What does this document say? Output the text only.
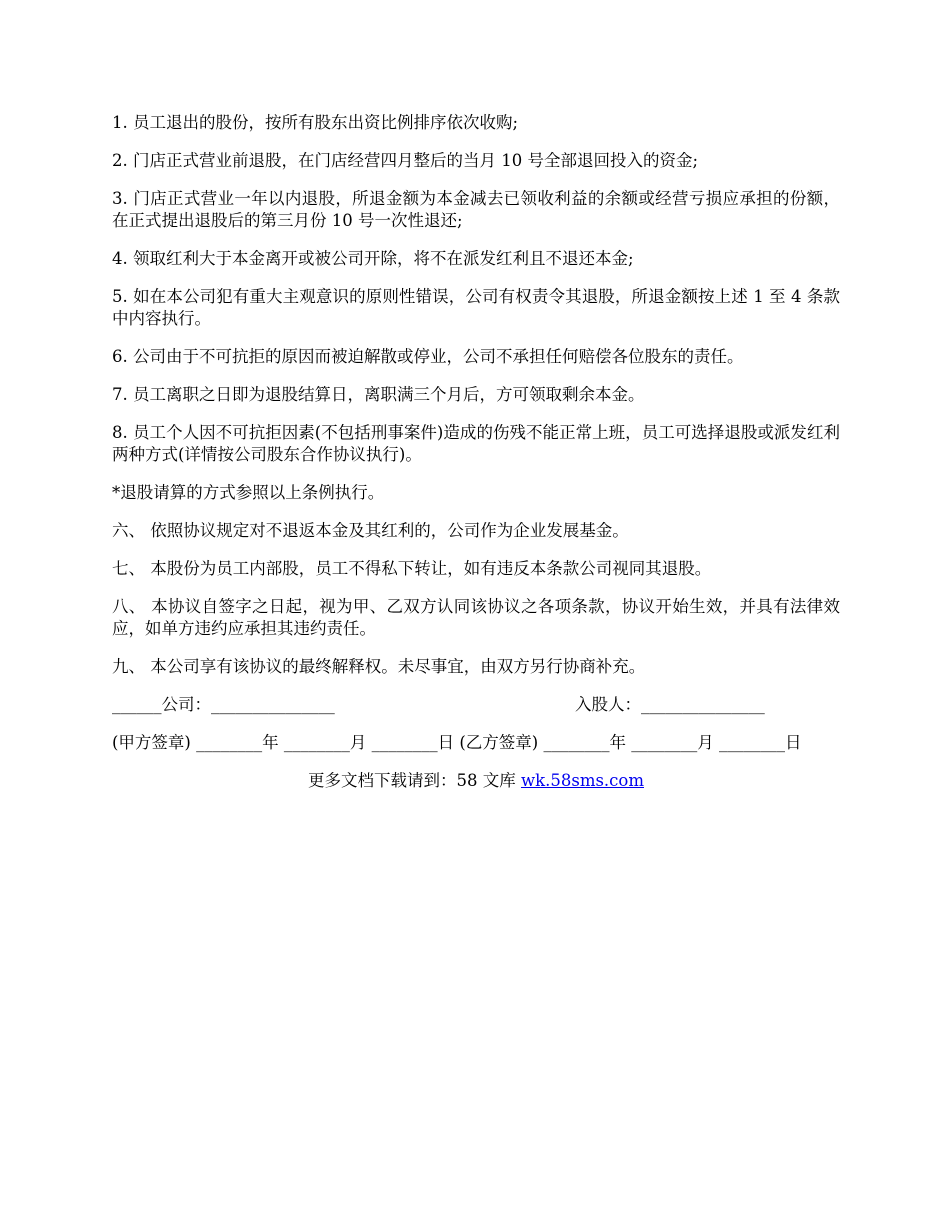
1. 员工退出的股份，按所有股东出资比例排序依次收购;

2. 门店正式营业前退股，在门店经营四月整后的当月 10 号全部退回投入的资金;

3. 门店正式营业一年以内退股，所退金额为本金减去已领收利益的余额或经营亏损应承担的份额，在正式提出退股后的第三月份 10 号一次性退还;

4. 领取红利大于本金离开或被公司开除，将不在派发红利且不退还本金;

5. 如在本公司犯有重大主观意识的原则性错误，公司有权责令其退股，所退金额按上述 1 至 4 条款中内容执行。

6. 公司由于不可抗拒的原因而被迫解散或停业，公司不承担任何赔偿各位股东的责任。

7. 员工离职之日即为退股结算日，离职满三个月后，方可领取剩余本金。

8. 员工个人因不可抗拒因素(不包括刑事案件)造成的伤残不能正常上班，员工可选择退股或派发红利两种方式(详情按公司股东合作协议执行)。

*退股请算的方式参照以上条例执行。

六、 依照协议规定对不退返本金及其红利的，公司作为企业发展基金。

七、 本股份为员工内部股，员工不得私下转让，如有违反本条款公司视同其退股。

八、 本协议自签字之日起，视为甲、乙双方认同该协议之各项条款，协议开始生效，并具有法律效应，如单方违约应承担其违约责任。

九、 本公司享有该协议的最终解释权。未尽事宜，由双方另行协商补充。

______公司：_______________	入股人：_______________

(甲方签章) ________年 ________月 ________日 (乙方签章) ________年 ________月 ________日

更多文档下载请到：58 文库 wk.58sms.com
